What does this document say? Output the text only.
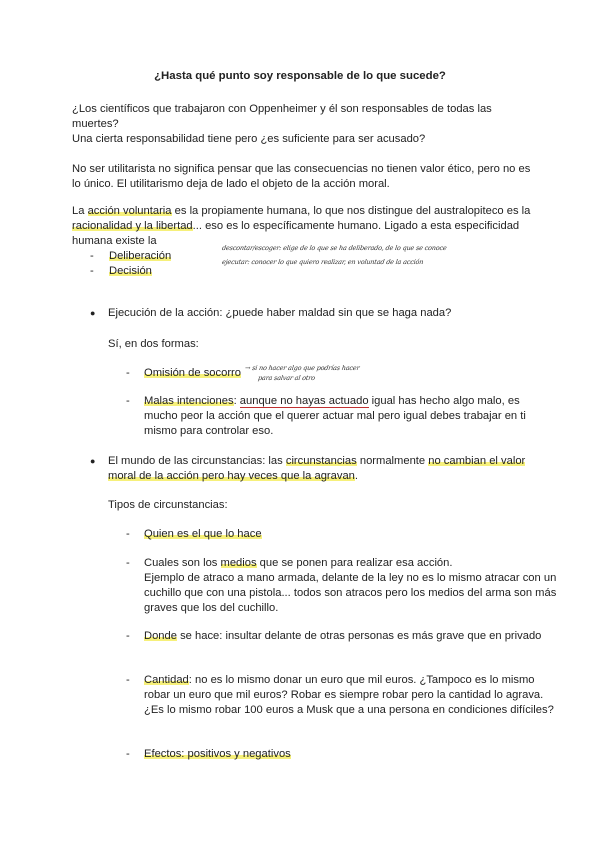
¿Hasta qué punto soy responsable de lo que sucede?

¿Los científicos que trabajaron con Oppenheimer y él son responsables de todas las muertes?

Una cierta responsabilidad tiene pero ¿es suficiente para ser acusado?

No ser utilitarista no significa pensar que las consecuencias no tienen valor ético, pero no es lo único. El utilitarismo deja de lado el objeto de la acción moral.

La acción voluntaria es la propiamente humana, lo que nos distingue del australopiteco es la racionalidad y la libertad... eso es lo específicamente humano. Ligado a esta especificidad humana existe la

- Deliberación
- Decisión
descontar/escoger: elige de lo que se ha deliberado, de lo que se conoce
ejecutar: conocer lo que quiero realizar, en voluntad de la acción
● Ejecución de la acción: ¿puede haber maldad sin que se haga nada?

Sí, en dos formas:

- Omisión de socorro → si no hacer algo que podrías hacer
para salvar al otro
- Malas intenciones: aunque no hayas actuado igual has hecho algo malo, es mucho peor la acción que el querer actuar mal pero igual debes trabajar en ti mismo para controlar eso.
● El mundo de las circunstancias: las circunstancias normalmente no cambian el valor moral de la acción pero hay veces que la agravan.

Tipos de circunstancias:

- Quien es el que lo hace
- Cuales son los medios que se ponen para realizar esa acción.
Ejemplo de atraco a mano armada, delante de la ley no es lo mismo atracar con un cuchillo que con una pistola... todos son atracos pero los medios del arma son más graves que los del cuchillo.
- Donde se hace: insultar delante de otras personas es más grave que en privado
- Cantidad: no es lo mismo donar un euro que mil euros. ¿Tampoco es lo mismo robar un euro que mil euros? Robar es siempre robar pero la cantidad lo agrava. ¿Es lo mismo robar 100 euros a Musk que a una persona en condiciones difíciles?
- Efectos: positivos y negativos
